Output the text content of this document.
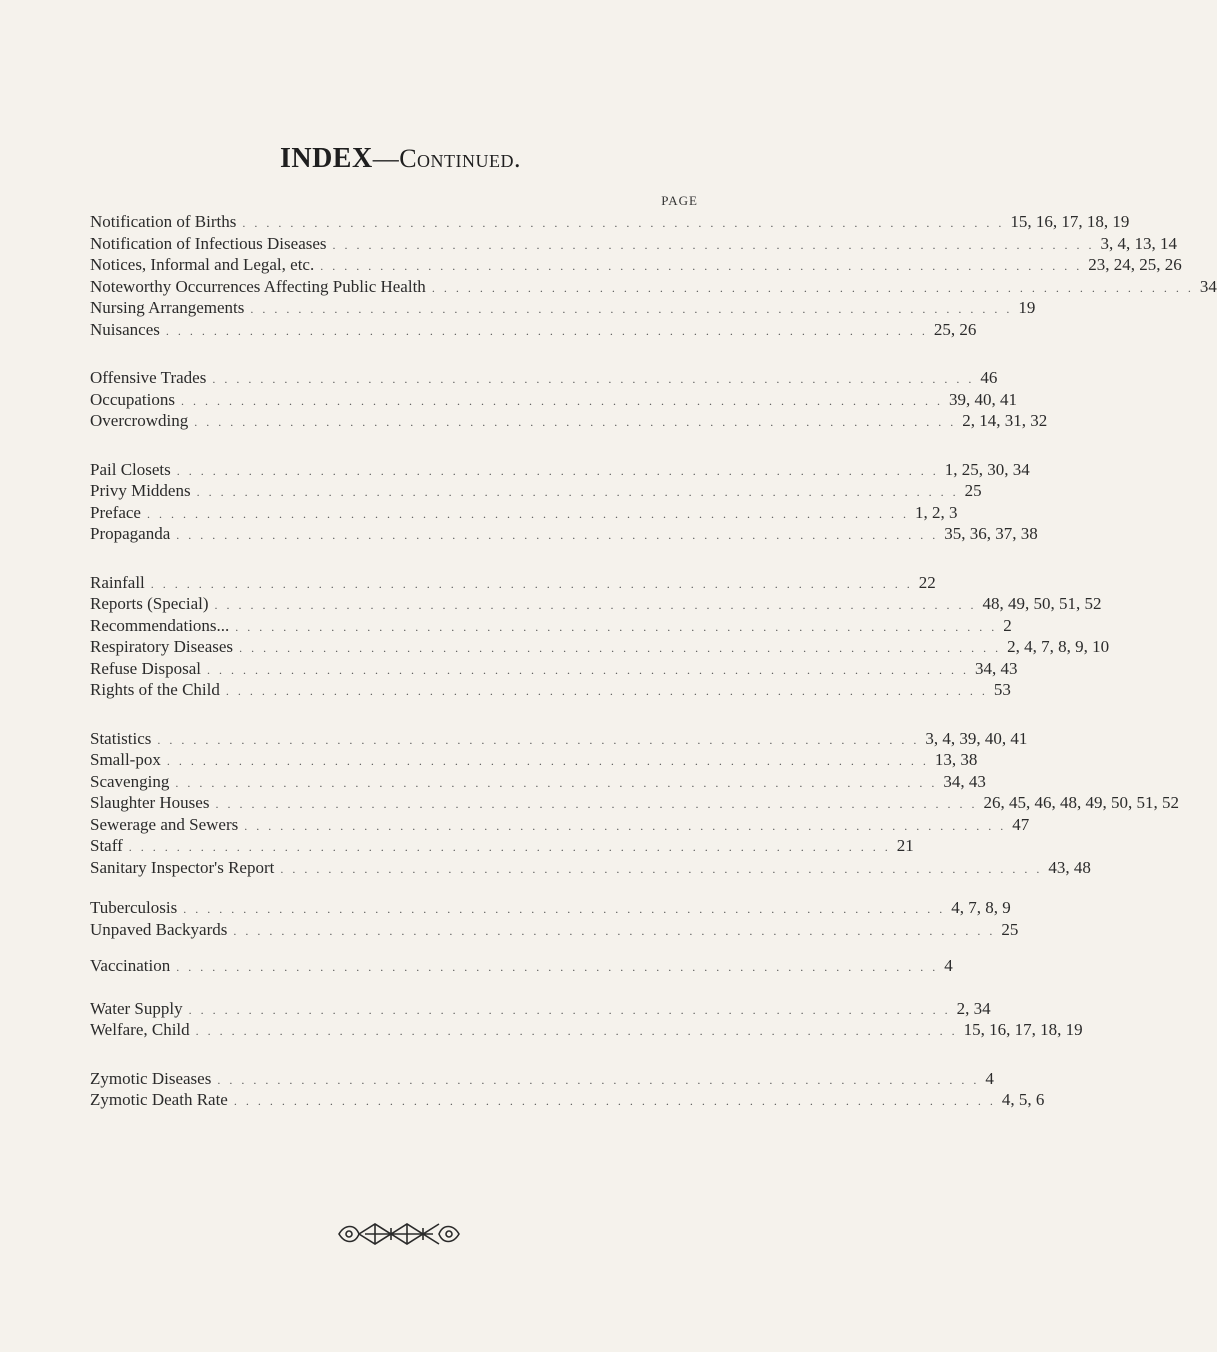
INDEX—Continued.
PAGE
Notification of Births . . . . . . . . . . . . . . . . . . . . . . . . . . . . . . . . . . . . . . . . . . . . . . . . . . . . . . . . . . . . . . . . 15, 16, 17, 18, 19
Notification of Infectious Diseases . . . . . . . . . . . . . . . . . . . . . . . . . . . . . . . . . . . . . . . . . . . . . . . . . . . . . . . . . . . . . . . . 3, 4, 13, 14
Notices, Informal and Legal, etc. . . . . . . . . . . . . . . . . . . . . . . . . . . . . . . . . . . . . . . . . . . . . . . . . . . . . . . . . . . . . . . . . 23, 24, 25, 26
Noteworthy Occurrences Affecting Public Health . . . . . . . . . . . . . . . . . . . . . . . . . . . . . . . . . . . . . . . . . . . . . . . . . . . . . . . . . . . . . . . . 34
Nursing Arrangements . . . . . . . . . . . . . . . . . . . . . . . . . . . . . . . . . . . . . . . . . . . . . . . . . . . . . . . . . . . . . . . . 19
Nuisances . . . . . . . . . . . . . . . . . . . . . . . . . . . . . . . . . . . . . . . . . . . . . . . . . . . . . . . . . . . . . . . . 25, 26
Offensive Trades . . . . . . . . . . . . . . . . . . . . . . . . . . . . . . . . . . . . . . . . . . . . . . . . . . . . . . . . . . . . . . . . 46
Occupations . . . . . . . . . . . . . . . . . . . . . . . . . . . . . . . . . . . . . . . . . . . . . . . . . . . . . . . . . . . . . . . . 39, 40, 41
Overcrowding . . . . . . . . . . . . . . . . . . . . . . . . . . . . . . . . . . . . . . . . . . . . . . . . . . . . . . . . . . . . . . . . 2, 14, 31, 32
Pail Closets . . . . . . . . . . . . . . . . . . . . . . . . . . . . . . . . . . . . . . . . . . . . . . . . . . . . . . . . . . . . . . . . 1, 25, 30, 34
Privy Middens . . . . . . . . . . . . . . . . . . . . . . . . . . . . . . . . . . . . . . . . . . . . . . . . . . . . . . . . . . . . . . . . 25
Preface . . . . . . . . . . . . . . . . . . . . . . . . . . . . . . . . . . . . . . . . . . . . . . . . . . . . . . . . . . . . . . . . 1, 2, 3
Propaganda . . . . . . . . . . . . . . . . . . . . . . . . . . . . . . . . . . . . . . . . . . . . . . . . . . . . . . . . . . . . . . . . 35, 36, 37, 38
Rainfall . . . . . . . . . . . . . . . . . . . . . . . . . . . . . . . . . . . . . . . . . . . . . . . . . . . . . . . . . . . . . . . . 22
Reports (Special) . . . . . . . . . . . . . . . . . . . . . . . . . . . . . . . . . . . . . . . . . . . . . . . . . . . . . . . . . . . . . . . . 48, 49, 50, 51, 52
Recommendations... . . . . . . . . . . . . . . . . . . . . . . . . . . . . . . . . . . . . . . . . . . . . . . . . . . . . . . . . . . . . . . . . 2
Respiratory Diseases . . . . . . . . . . . . . . . . . . . . . . . . . . . . . . . . . . . . . . . . . . . . . . . . . . . . . . . . . . . . . . . . 2, 4, 7, 8, 9, 10
Refuse Disposal . . . . . . . . . . . . . . . . . . . . . . . . . . . . . . . . . . . . . . . . . . . . . . . . . . . . . . . . . . . . . . . . 34, 43
Rights of the Child . . . . . . . . . . . . . . . . . . . . . . . . . . . . . . . . . . . . . . . . . . . . . . . . . . . . . . . . . . . . . . . . 53
Statistics . . . . . . . . . . . . . . . . . . . . . . . . . . . . . . . . . . . . . . . . . . . . . . . . . . . . . . . . . . . . . . . . 3, 4, 39, 40, 41
Small-pox . . . . . . . . . . . . . . . . . . . . . . . . . . . . . . . . . . . . . . . . . . . . . . . . . . . . . . . . . . . . . . . . 13, 38
Scavenging . . . . . . . . . . . . . . . . . . . . . . . . . . . . . . . . . . . . . . . . . . . . . . . . . . . . . . . . . . . . . . . . 34, 43
Slaughter Houses . . . . . . . . . . . . . . . . . . . . . . . . . . . . . . . . . . . . . . . . . . . . . . . . . . . . . . . . . . . . . . . . 26, 45, 46, 48, 49, 50, 51, 52
Sewerage and Sewers . . . . . . . . . . . . . . . . . . . . . . . . . . . . . . . . . . . . . . . . . . . . . . . . . . . . . . . . . . . . . . . . 47
Staff . . . . . . . . . . . . . . . . . . . . . . . . . . . . . . . . . . . . . . . . . . . . . . . . . . . . . . . . . . . . . . . . 21
Sanitary Inspector's Report . . . . . . . . . . . . . . . . . . . . . . . . . . . . . . . . . . . . . . . . . . . . . . . . . . . . . . . . . . . . . . . . 43, 48
Tuberculosis . . . . . . . . . . . . . . . . . . . . . . . . . . . . . . . . . . . . . . . . . . . . . . . . . . . . . . . . . . . . . . . . 4, 7, 8, 9
Unpaved Backyards . . . . . . . . . . . . . . . . . . . . . . . . . . . . . . . . . . . . . . . . . . . . . . . . . . . . . . . . . . . . . . . . 25
Vaccination . . . . . . . . . . . . . . . . . . . . . . . . . . . . . . . . . . . . . . . . . . . . . . . . . . . . . . . . . . . . . . . . 4
Water Supply . . . . . . . . . . . . . . . . . . . . . . . . . . . . . . . . . . . . . . . . . . . . . . . . . . . . . . . . . . . . . . . . 2, 34
Welfare, Child . . . . . . . . . . . . . . . . . . . . . . . . . . . . . . . . . . . . . . . . . . . . . . . . . . . . . . . . . . . . . . . . 15, 16, 17, 18, 19
Zymotic Diseases . . . . . . . . . . . . . . . . . . . . . . . . . . . . . . . . . . . . . . . . . . . . . . . . . . . . . . . . . . . . . . . . 4
Zymotic Death Rate . . . . . . . . . . . . . . . . . . . . . . . . . . . . . . . . . . . . . . . . . . . . . . . . . . . . . . . . . . . . . . . . 4, 5, 6
